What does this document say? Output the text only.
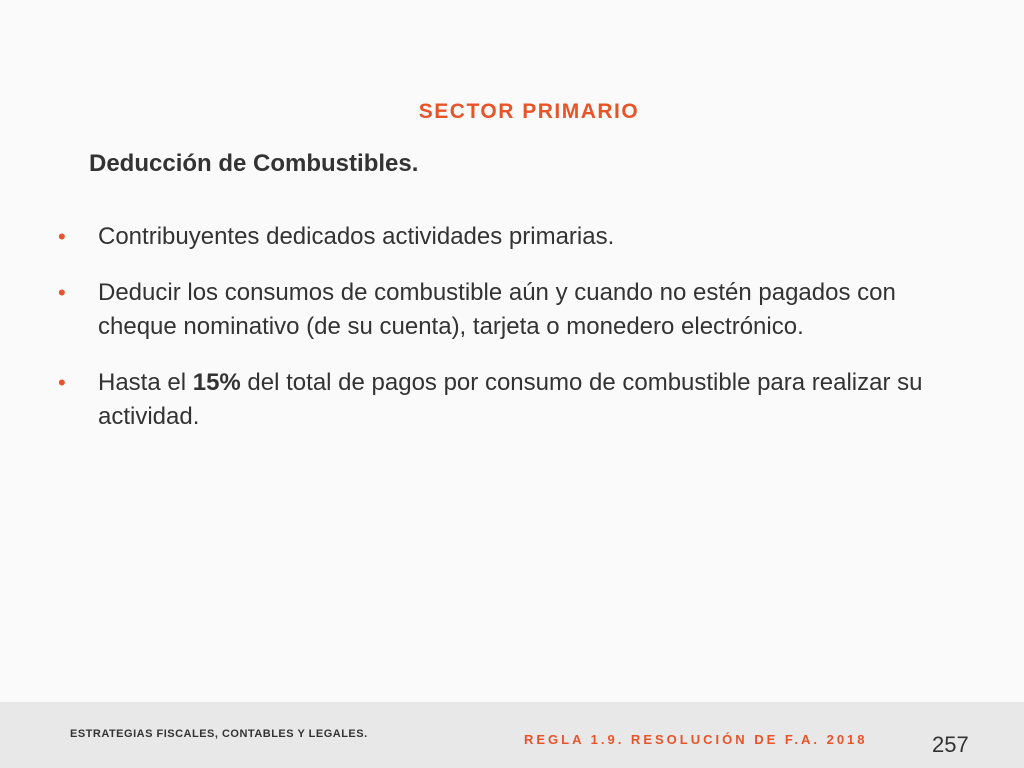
SECTOR PRIMARIO
Deducción de Combustibles.
• Contribuyentes dedicados actividades primarias.
• Deducir los consumos de combustible aún y cuando no estén pagados con cheque nominativo (de su cuenta), tarjeta o monedero electrónico.
• Hasta el 15% del total de pagos por consumo de combustible para realizar su actividad.
ESTRATEGIAS FISCALES, CONTABLES Y LEGALES.	REGLA 1.9. RESOLUCIÓN DE F.A. 2018	257
